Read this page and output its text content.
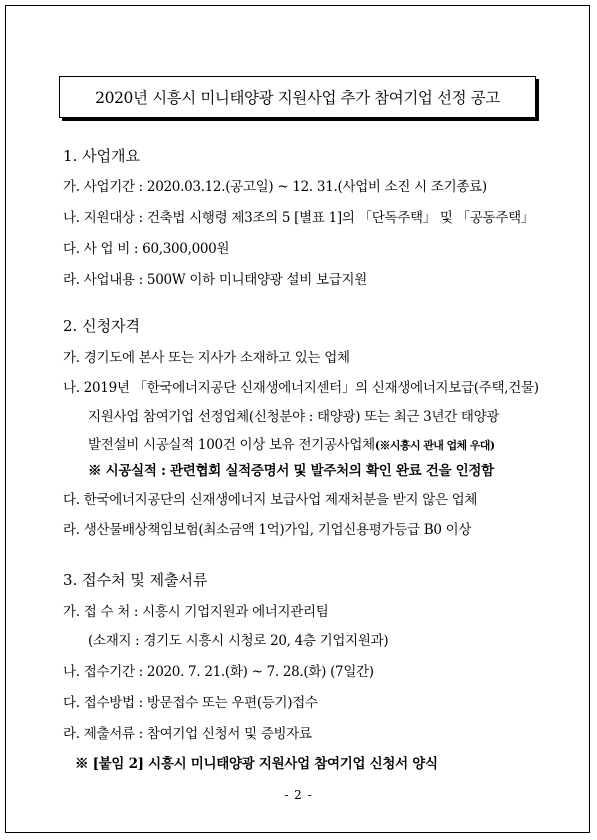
2020년 시흥시 미니태양광 지원사업 추가 참여기업 선정 공고
1. 사업개요
가. 사업기간 : 2020.03.12.(공고일) ~ 12. 31.(사업비 소진 시 조기종료)
나. 지원대상 : 건축법 시행령 제3조의 5 [별표 1]의 「단독주택」 및 「공동주택」
다. 사 업 비 : 60,300,000원
라. 사업내용 : 500W 이하 미니태양광 설비 보급지원
2. 신청자격
가. 경기도에 본사 또는 지사가 소재하고 있는 업체
나. 2019년 「한국에너지공단 신재생에너지센터」의 신재생에너지보급(주택,건물)
지원사업 참여기업 선정업체(신청분야 : 태양광) 또는 최근 3년간 태양광
발전설비 시공실적 100건 이상 보유 전기공사업체(※시흥시 관내 업체 우대)
※ 시공실적 : 관련협회 실적증명서 및 발주처의 확인 완료 건을 인정함
다. 한국에너지공단의 신재생에너지 보급사업 제재처분을 받지 않은 업체
라. 생산물배상책임보험(최소금액 1억)가입, 기업신용평가등급 B0 이상
3. 접수처 및 제출서류
가. 접 수 처 : 시흥시 기업지원과 에너지관리팀
(소재지 : 경기도 시흥시 시청로 20, 4층 기업지원과)
나. 접수기간 : 2020. 7. 21.(화) ~ 7. 28.(화) (7일간)
다. 접수방법 : 방문접수 또는 우편(등기)접수
라. 제출서류 : 참여기업 신청서 및 증빙자료
※ [붙임 2] 시흥시 미니태양광 지원사업 참여기업 신청서 양식
- 2 -
